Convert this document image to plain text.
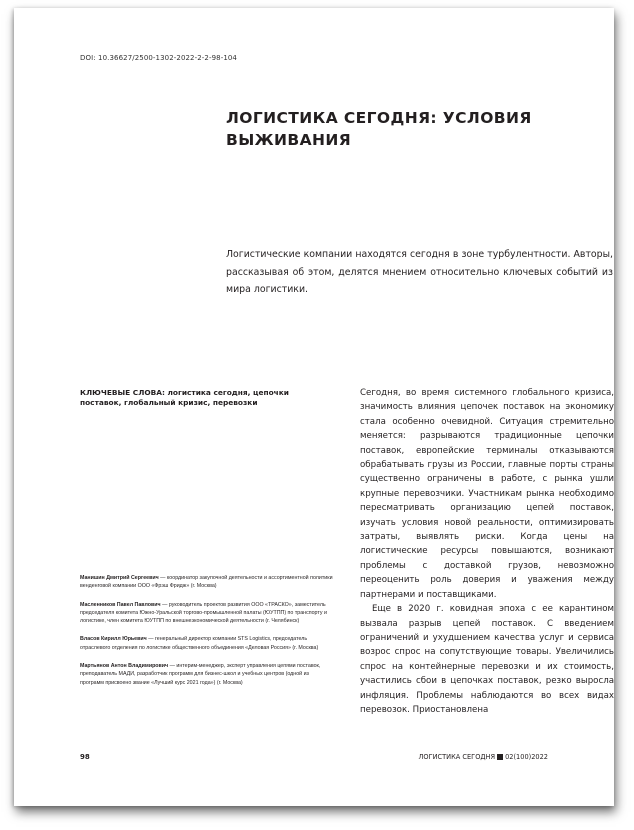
DOI: 10.36627/2500-1302-2022-2-2-98-104
ЛОГИСТИКА СЕГОДНЯ: УСЛОВИЯ
ВЫЖИВАНИЯ
Логистические компании находятся сегодня в зоне турбулентности. Авторы, рассказывая об этом, делятся мнением относительно ключевых событий из мира логистики.
КЛЮЧЕВЫЕ СЛОВА: логистика сегодня, цепочки поставок, глобальный кризис, перевозки
Манишин Дмитрий Сергеевич — координатор закупочной деятельности и ассортиментной политики венденговой компании ООО «Фрэш Фридж» (г. Москва)
Масленников Павел Павлович — руководитель проектов развития ООО «ТРАСКО», заместитель председателя комитета Южно-Уральской торгово-промышленной палаты (ЮУТПП) по транспорту и логистике, член комитета ЮУТПП по внешнеэкономической деятельности (г. Челябинск)
Власов Кирилл Юрьевич — генеральный директор компании STS Logistics, председатель отраслевого отделения по логистике общественного объединения «Деловая Россия» (г. Москва)
Мартьянов Антон Владимирович — интерим-менеджер, эксперт управления цепями поставок, преподаватель МАДИ, разработчик программ для бизнес-школ и учебных центров (одной из программ присвоено звание «Лучший курс 2021 года») (г. Москва)

Сегодня, во время системного глобального кризиса, значимость влияния цепочек поставок на экономику стала особенно очевидной. Ситуация стремительно меняется: разрываются традиционные цепочки поставок, европейские терминалы отказываются обрабатывать грузы из России, главные порты страны существенно ограничены в работе, с рынка ушли крупные перевозчики. Участникам рынка необходимо пересматривать организацию цепей поставок, изучать условия новой реальности, оптимизировать затраты, выявлять риски. Когда цены на логистические ресурсы повышаются, возникают проблемы с доставкой грузов, невозможно переоценить роль доверия и уважения между партнерами и поставщиками.

Еще в 2020 г. ковидная эпоха с ее карантином вызвала разрыв цепей поставок. С введением ограничений и ухудшением качества услуг и сервиса возрос спрос на сопутствующие товары. Увеличились спрос на контейнерные перевозки и их стоимость, участились сбои в цепочках поставок, резко выросла инфляция. Проблемы наблюдаются во всех видах перевозок. Приостановлена

98	ЛОГИСТИКА СЕГОДНЯ 02(100)2022
